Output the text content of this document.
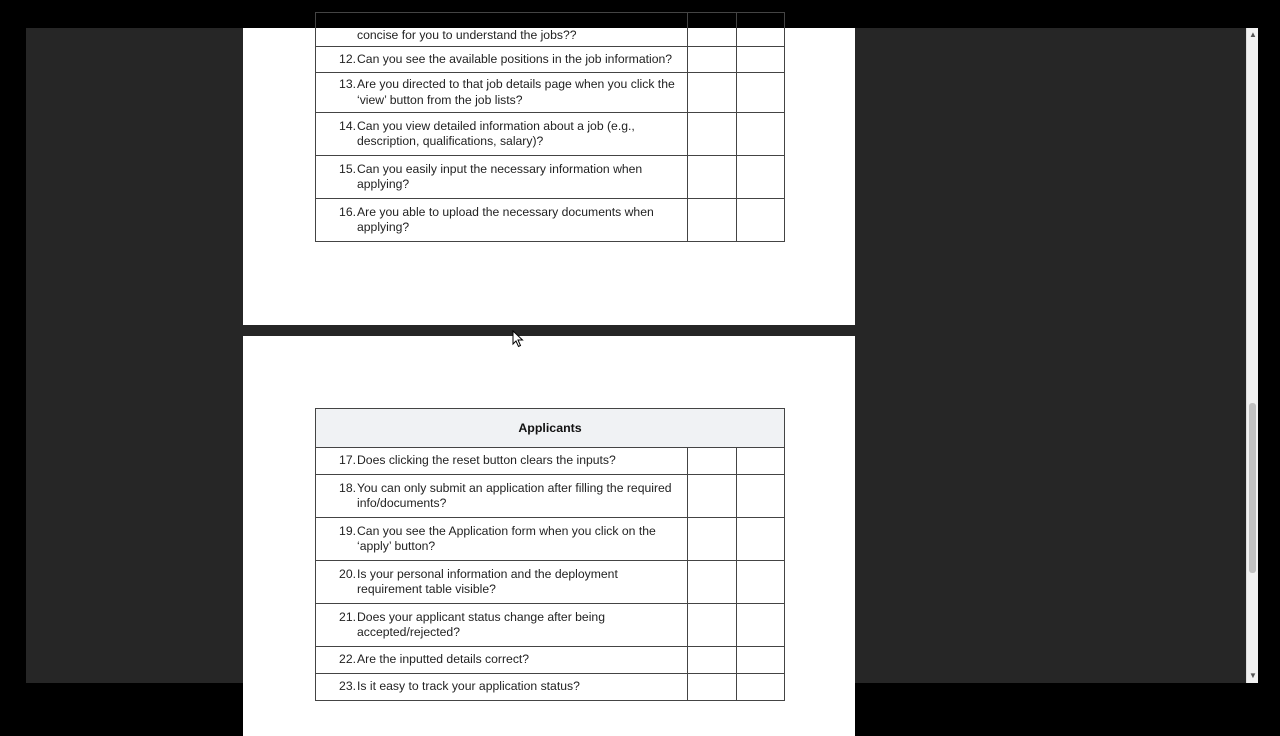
concise for you to understand the jobs??		

12. Can you see the available positions in the job information?		

13. Are you directed to that job details page when you click the ‘view’ button from the job lists?		

14. Can you view detailed information about a job (e.g., description, qualifications, salary)?		

15. Can you easily input the necessary information when applying?		

16. Are you able to upload the necessary documents when applying?		

Applicants		

17. Does clicking the reset button clears the inputs?		

18. You can only submit an application after filling the required info/documents?		

19. Can you see the Application form when you click on the ‘apply’ button?		

20. Is your personal information and the deployment requirement table visible?		

21. Does your applicant status change after being accepted/rejected?		

22. Are the inputted details correct?		

23. Is it easy to track your application status?		

▲
▼
